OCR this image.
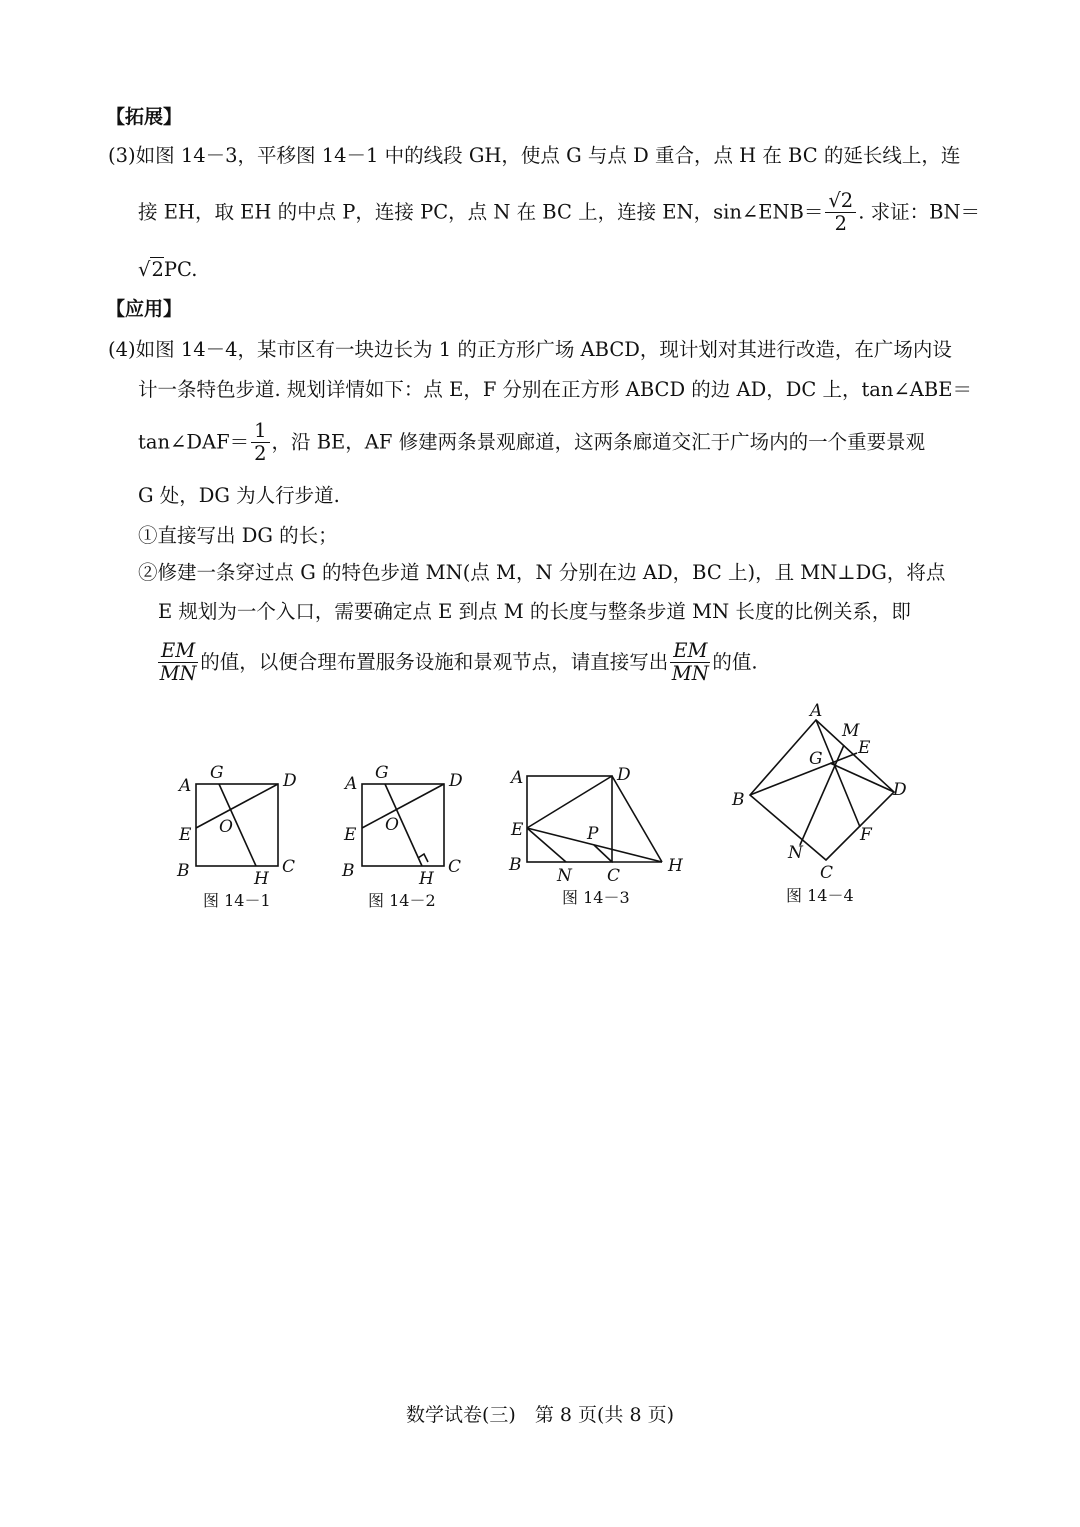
【拓展】
(3)如图 14－3，平移图 14－1 中的线段 GH，使点 G 与点 D 重合，点 H 在 BC 的延长线上，连
接 EH，取 EH 的中点 P，连接 PC，点 N 在 BC 上，连接 EN，sin∠ENB＝ $\frac{√2}{2}$ . 求证：BN＝
√2PC.
【应用】
(4)如图 14－4，某市区有一块边长为 1 的正方形广场 ABCD，现计划对其进行改造，在广场内设
计一条特色步道. 规划详情如下：点 E，F 分别在正方形 ABCD 的边 AD，DC 上，tan∠ABE＝
tan∠DAF＝ $\frac{1}{2}$ ，沿 BE，AF 修建两条景观廊道，这两条廊道交汇于广场内的一个重要景观
G 处，DG 为人行步道.
①直接写出 DG 的长；
②修建一条穿过点 G 的特色步道 MN(点 M，N 分别在边 AD，BC 上)，且 MN⊥DG，将点
E 规划为一个入口，需要确定点 E 到点 M 的长度与整条步道 MN 长度的比例关系，即
$\frac{EM}{MN}$ 的值，以便合理布置服务设施和景观节点，请直接写出 $\frac{EM}{MN}$ 的值.
A
G	D
E O
B	H
C
图 14－1
A
G	D
E O
B	H
C
图 14－2
A	D
E	P
B
N C	H
图 14－3
A
M
E
G
B	D
F
N
C
图 14－4
数学试卷(三)　第 8 页(共 8 页)
